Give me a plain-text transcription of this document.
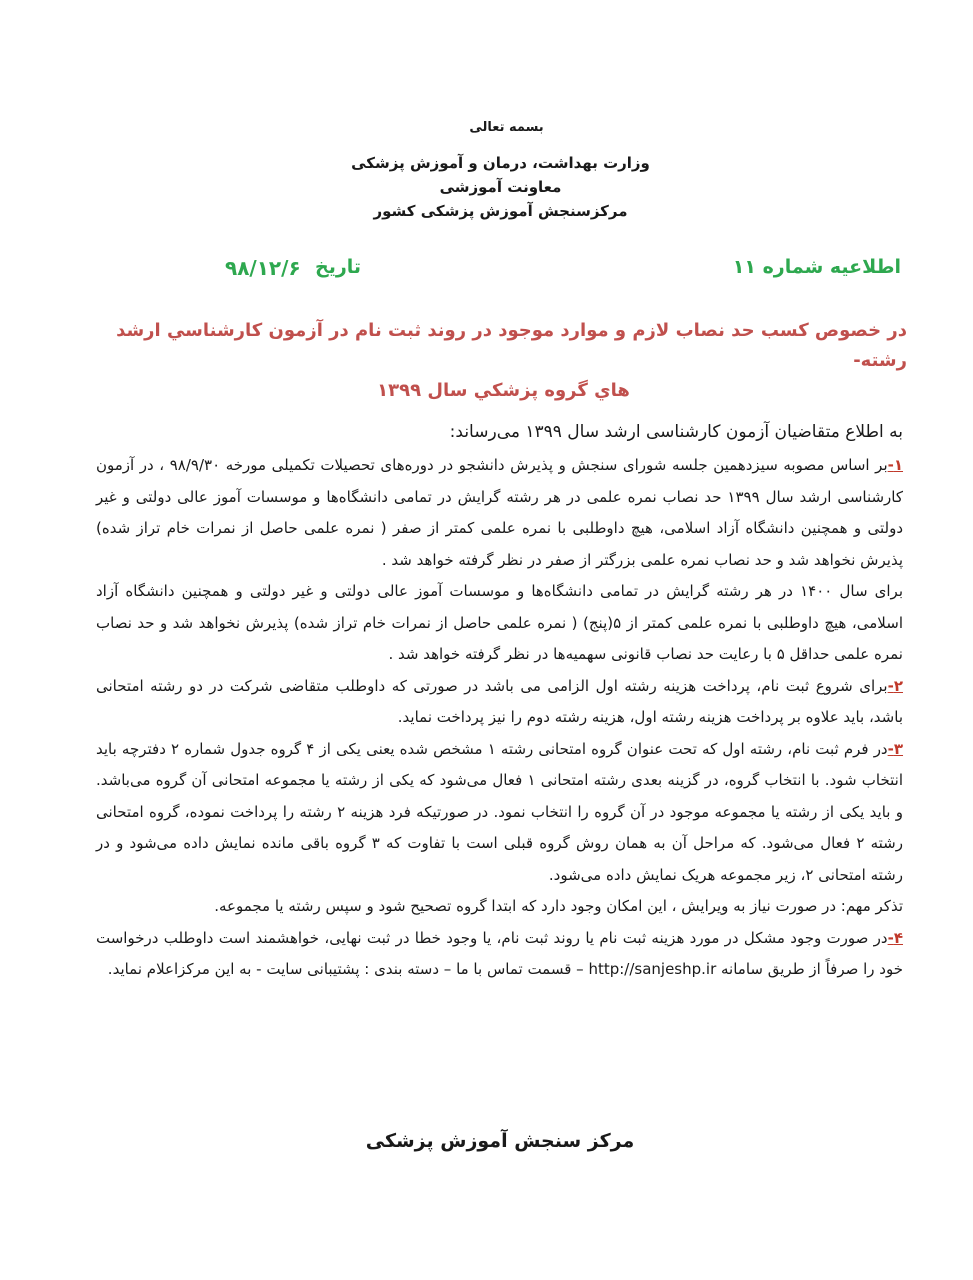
بسمه تعالی
وزارت بهداشت، درمان و آموزش پزشکی
معاونت آموزشی
مرکزسنجش آموزش پزشکی کشور
اطلاعیه شماره ۱۱
تاریخ
۹۸/۱۲/۶
در خصوص کسب حد نصاب لازم و موارد موجود در روند ثبت نام در آزمون كارشناسي ارشد رشته-
هاي گروه پزشكي سال ۱۳۹۹

به اطلاع متقاضیان آزمون کارشناسی ارشد سال ۱۳۹۹ می‌رساند:

۱-بر اساس مصوبه سیزدهمین جلسه شورای سنجش و پذیرش دانشجو در دوره‌های تحصیلات تکمیلی مورخه ۹۸/۹/۳۰ ، در آزمون کارشناسی ارشد سال ۱۳۹۹ حد نصاب نمره علمی در هر رشته گرایش در تمامی دانشگاه‌ها و موسسات آموز عالی دولتی و غیر دولتی و همچنین دانشگاه آزاد اسلامی، هیچ داوطلبی با نمره علمی کمتر از صفر ( نمره علمی حاصل از نمرات خام تراز شده) پذیرش نخواهد شد و حد نصاب نمره علمی بزرگتر از صفر در نظر گرفته خواهد شد .

برای سال ۱۴۰۰ در هر رشته گرایش در تمامی دانشگاه‌ها و موسسات آموز عالی دولتی و غیر دولتی و همچنین دانشگاه آزاد اسلامی، هیچ داوطلبی با نمره علمی کمتر از ۵(پنج) ( نمره علمی حاصل از نمرات خام تراز شده) پذیرش نخواهد شد و حد نصاب نمره علمی حداقل ۵ با رعایت حد نصاب قانونی سهمیه‌ها در نظر گرفته خواهد شد .

۲-برای شروع ثبت نام، پرداخت هزینه رشته اول الزامی می باشد در صورتی که داوطلب متقاضی شرکت در دو رشته امتحانی باشد، باید علاوه بر پرداخت هزینه رشته اول، هزینه رشته دوم را نیز پرداخت نماید.

۳-در فرم ثبت نام، رشته اول که تحت عنوان گروه امتحانی رشته ۱ مشخص شده یعنی یکی از ۴ گروه جدول شماره ۲ دفترچه باید انتخاب شود. با انتخاب گروه، در گزینه بعدی رشته امتحانی ۱ فعال می‌شود که یکی از رشته یا مجموعه امتحانی آن گروه می‌باشد. و باید یکی از رشته یا مجموعه موجود در آن گروه را انتخاب نمود. در صورتیکه فرد هزینه ۲ رشته را پرداخت نموده، گروه امتحانی رشته ۲ فعال می‌شود. که مراحل آن به همان روش گروه قبلی است با تفاوت که ۳ گروه باقی مانده نمایش داده می‌شود و در رشته امتحانی ۲، زیر مجموعه هریک نمایش داده می‌شود.

تذکر مهم: در صورت نیاز به ویرایش ، این امکان وجود دارد که ابتدا گروه تصحیح شود و سپس رشته یا مجموعه.

۴-در صورت وجود مشکل در مورد هزینه ثبت نام یا روند ثبت نام، یا وجود خطا در ثبت نهایی، خواهشمند است داوطلب درخواست خود را صرفاً از طریق سامانه http://sanjeshp.ir – قسمت تماس با ما – دسته بندی : پشتیبانی سایت - به این مرکزاعلام نماید.

مرکز سنجش آموزش پزشکی
